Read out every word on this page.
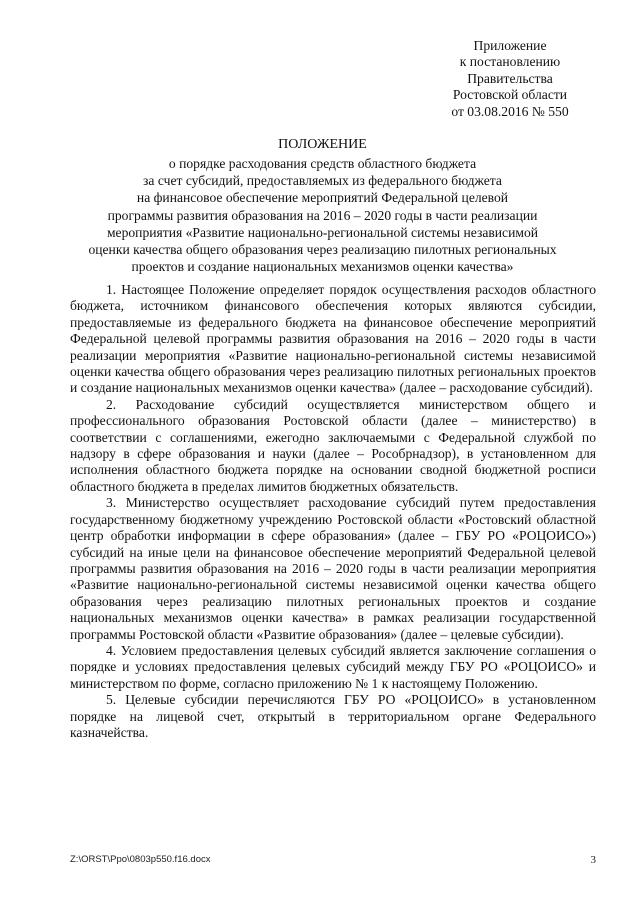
Приложение
к постановлению
Правительства
Ростовской области
от 03.08.2016 № 550
ПОЛОЖЕНИЕ
о порядке расходования средств областного бюджета
за счет субсидий, предоставляемых из федерального бюджета
на финансовое обеспечение мероприятий Федеральной целевой
программы развития образования на 2016 – 2020 годы в части реализации
мероприятия «Развитие национально-региональной системы независимой
оценки качества общего образования через реализацию пилотных региональных
проектов и создание национальных механизмов оценки качества»

1. Настоящее Положение определяет порядок осуществления расходов областного бюджета, источником финансового обеспечения которых являются субсидии, предоставляемые из федерального бюджета на финансовое обеспечение мероприятий Федеральной целевой программы развития образования на 2016 – 2020 годы в части реализации мероприятия «Развитие национально-региональной системы независимой оценки качества общего образования через реализацию пилотных региональных проектов и создание национальных механизмов оценки качества» (далее – расходование субсидий).

2. Расходование субсидий осуществляется министерством общего и профессионального образования Ростовской области (далее – министерство) в соответствии с соглашениями, ежегодно заключаемыми с Федеральной службой по надзору в сфере образования и науки (далее – Рособрнадзор), в установленном для исполнения областного бюджета порядке на основании сводной бюджетной росписи областного бюджета в пределах лимитов бюджетных обязательств.

3. Министерство осуществляет расходование субсидий путем предоставления государственному бюджетному учреждению Ростовской области «Ростовский областной центр обработки информации в сфере образования» (далее – ГБУ РО «РОЦОИСО») субсидий на иные цели на финансовое обеспечение мероприятий Федеральной целевой программы развития образования на 2016 – 2020 годы в части реализации мероприятия «Развитие национально-региональной системы независимой оценки качества общего образования через реализацию пилотных региональных проектов и создание национальных механизмов оценки качества» в рамках реализации государственной программы Ростовской области «Развитие образования» (далее – целевые субсидии).

4. Условием предоставления целевых субсидий является заключение соглашения о порядке и условиях предоставления целевых субсидий между ГБУ РО «РОЦОИСО» и министерством по форме, согласно приложению № 1 к настоящему Положению.

5. Целевые субсидии перечисляются ГБУ РО «РОЦОИСО» в установленном порядке на лицевой счет, открытый в территориальном органе Федерального казначейства.

Z:\ORST\Ppo\0803p550.f16.docx	3
